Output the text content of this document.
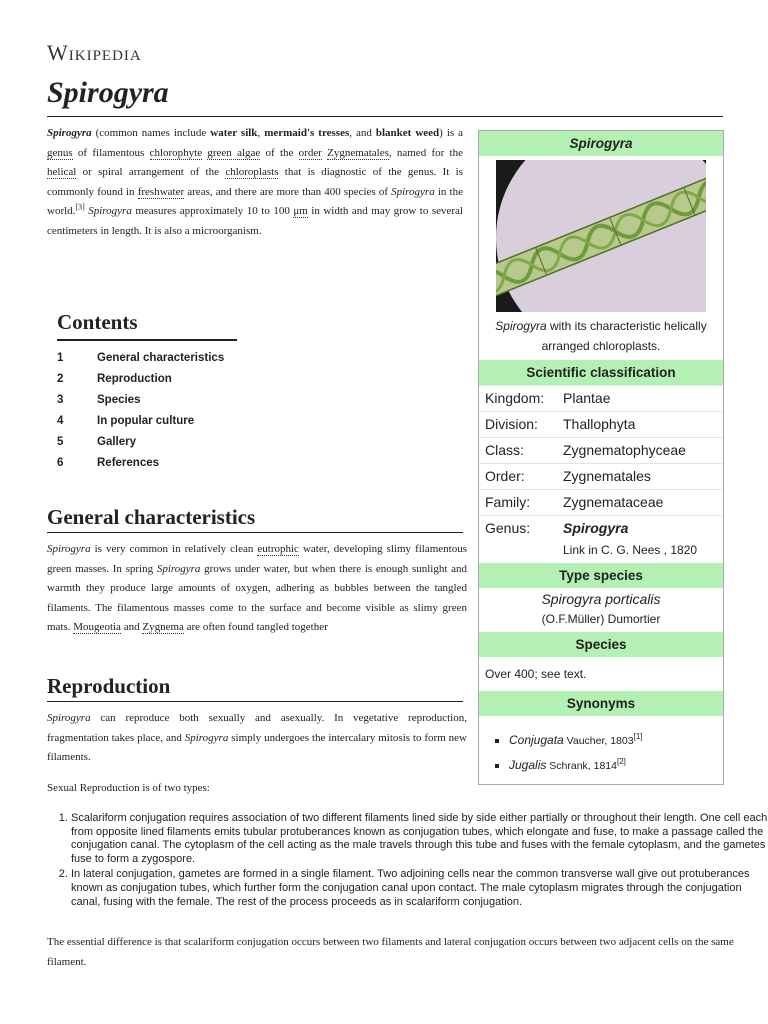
Wikipedia
Spirogyra
Spirogyra (common names include water silk, mermaid's tresses, and blanket weed) is a genus of filamentous chlorophyte green algae of the order Zygnematales, named for the helical or spiral arrangement of the chloroplasts that is diagnostic of the genus. It is commonly found in freshwater areas, and there are more than 400 species of Spirogyra in the world.[3] Spirogyra measures approximately 10 to 100 μm in width and may grow to several centimeters in length. It is also a microorganism.
Contents
1	General characteristics
2	Reproduction
3	Species
4	In popular culture
5	Gallery
6	References
General characteristics
Spirogyra is very common in relatively clean eutrophic water, developing slimy filamentous green masses. In spring Spirogyra grows under water, but when there is enough sunlight and warmth they produce large amounts of oxygen, adhering as bubbles between the tangled filaments. The filamentous masses come to the surface and become visible as slimy green mats. Mougeotia and Zygnema are often found tangled together
Reproduction
Spirogyra can reproduce both sexually and asexually. In vegetative reproduction, fragmentation takes place, and Spirogyra simply undergoes the intercalary mitosis to form new filaments.
Sexual Reproduction is of two types:
1. Scalariform conjugation requires association of two different filaments lined side by side either partially or throughout their length. One cell each from opposite lined filaments emits tubular protuberances known as conjugation tubes, which elongate and fuse, to make a passage called the conjugation canal. The cytoplasm of the cell acting as the male travels through this tube and fuses with the female cytoplasm, and the gametes fuse to form a zygospore.
2. In lateral conjugation, gametes are formed in a single filament. Two adjoining cells near the common transverse wall give out protuberances known as conjugation tubes, which further form the conjugation canal upon contact. The male cytoplasm migrates through the conjugation canal, fusing with the female. The rest of the process proceeds as in scalariform conjugation.
The essential difference is that scalariform conjugation occurs between two filaments and lateral conjugation occurs between two adjacent cells on the same filament.
Spirogyra
Spirogyra with its characteristic helically arranged chloroplasts.
Scientific classification
Kingdom:	Plantae
Division:	Thallophyta
Class:	Zygnematophyceae
Order:	Zygnematales
Family:	Zygnemataceae
Genus:	Spirogyra
Link in C. G. Nees , 1820
Type species
Spirogyra porticalis
(O.F.Müller) Dumortier
Species
Over 400; see text.
Synonyms
▪ Conjugata Vaucher, 1803[1]
▪ Jugalis Schrank, 1814[2]
